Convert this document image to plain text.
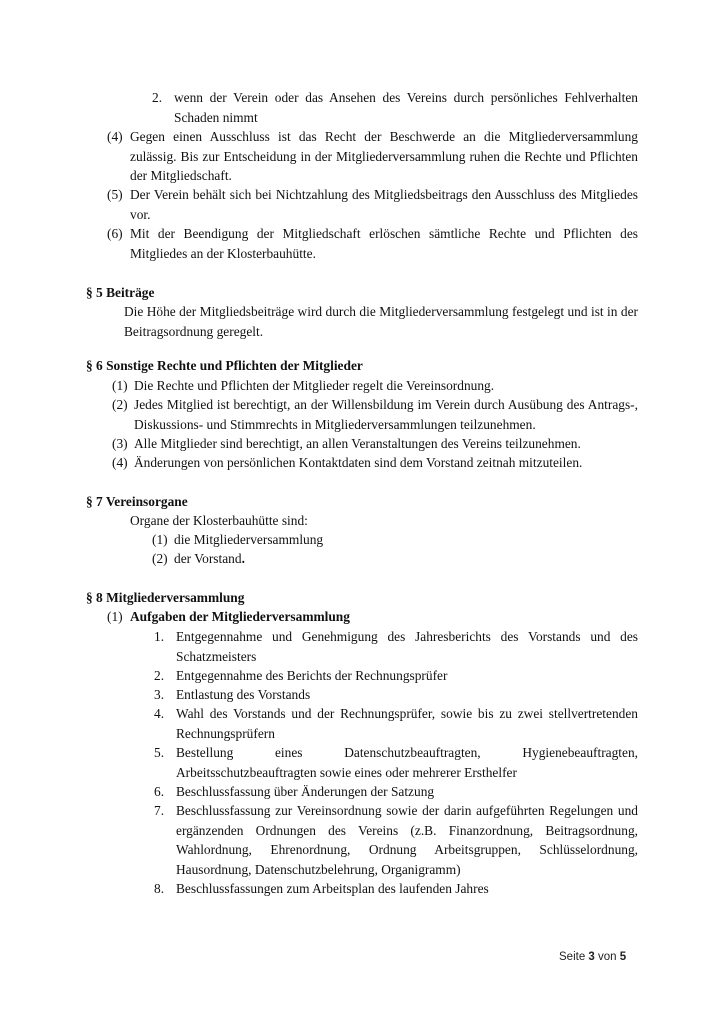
2. wenn der Verein oder das Ansehen des Vereins durch persönliches Fehlverhalten Schaden nimmt
(4) Gegen einen Ausschluss ist das Recht der Beschwerde an die Mitgliederversammlung zulässig. Bis zur Entscheidung in der Mitgliederversammlung ruhen die Rechte und Pflichten der Mitgliedschaft.
(5) Der Verein behält sich bei Nichtzahlung des Mitgliedsbeitrags den Ausschluss des Mitgliedes vor.
(6) Mit der Beendigung der Mitgliedschaft erlöschen sämtliche Rechte und Pflichten des Mitgliedes an der Klosterbauhütte.
§ 5 Beiträge
Die Höhe der Mitgliedsbeiträge wird durch die Mitgliederversammlung festgelegt und ist in der Beitragsordnung geregelt.
§ 6 Sonstige Rechte und Pflichten der Mitglieder
(1) Die Rechte und Pflichten der Mitglieder regelt die Vereinsordnung.
(2) Jedes Mitglied ist berechtigt, an der Willensbildung im Verein durch Ausübung des Antrags-, Diskussions- und Stimmrechts in Mitgliederversammlungen teilzunehmen.
(3) Alle Mitglieder sind berechtigt, an allen Veranstaltungen des Vereins teilzunehmen.
(4) Änderungen von persönlichen Kontaktdaten sind dem Vorstand zeitnah mitzuteilen.
§ 7 Vereinsorgane
Organe der Klosterbauhütte sind:
(1) die Mitgliederversammlung
(2) der Vorstand.
§ 8 Mitgliederversammlung
(1) Aufgaben der Mitgliederversammlung
1. Entgegennahme und Genehmigung des Jahresberichts des Vorstands und des Schatzmeisters
2. Entgegennahme des Berichts der Rechnungsprüfer
3. Entlastung des Vorstands
4. Wahl des Vorstands und der Rechnungsprüfer, sowie bis zu zwei stellvertretenden Rechnungsprüfern
5. Bestellung eines Datenschutzbeauftragten, Hygienebeauftragten, Arbeitsschutzbeauftragten sowie eines oder mehrerer Ersthelfer
6. Beschlussfassung über Änderungen der Satzung
7. Beschlussfassung zur Vereinsordnung sowie der darin aufgeführten Regelungen und ergänzenden Ordnungen des Vereins (z.B. Finanzordnung, Beitragsordnung, Wahlordnung, Ehrenordnung, Ordnung Arbeitsgruppen, Schlüsselordnung, Hausordnung, Datenschutzbelehrung, Organigramm)
8. Beschlussfassungen zum Arbeitsplan des laufenden Jahres
Seite 3 von 5
